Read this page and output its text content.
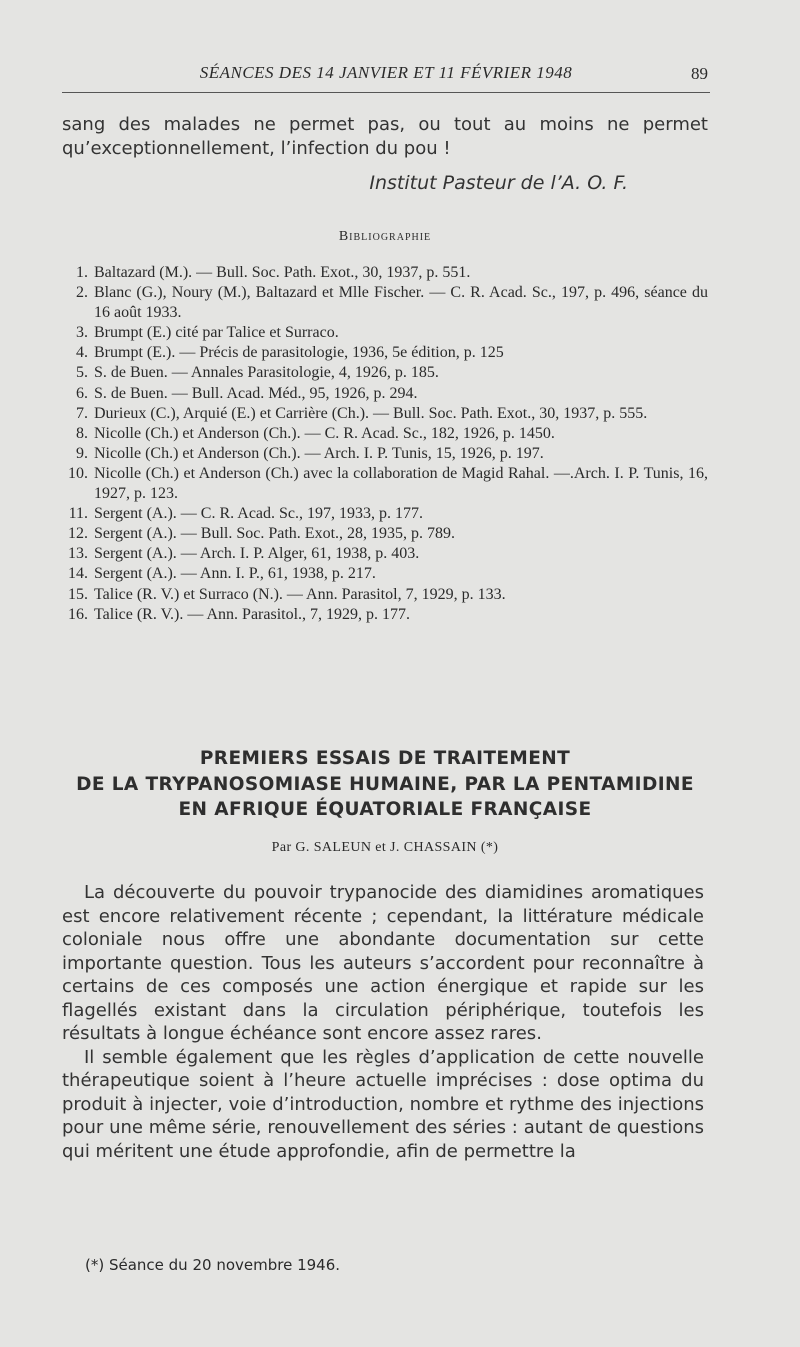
SÉANCES DES 14 JANVIER ET 11 FÉVRIER 1948	89
sang des malades ne permet pas, ou tout au moins ne permet qu’exceptionnellement, l’infection du pou !
Institut Pasteur de l’A. O. F.
Bibliographie
1. Baltazard (M.). — Bull. Soc. Path. Exot., 30, 1937, p. 551.
2. Blanc (G.), Noury (M.), Baltazard et Mlle Fischer. — C. R. Acad. Sc., 197, p. 496, séance du 16 août 1933.
3. Brumpt (E.) cité par Talice et Surraco.
4. Brumpt (E.). — Précis de parasitologie, 1936, 5e édition, p. 125
5. S. de Buen. — Annales Parasitologie, 4, 1926, p. 185.
6. S. de Buen. — Bull. Acad. Méd., 95, 1926, p. 294.
7. Durieux (C.), Arquié (E.) et Carrière (Ch.). — Bull. Soc. Path. Exot., 30, 1937, p. 555.
8. Nicolle (Ch.) et Anderson (Ch.). — C. R. Acad. Sc., 182, 1926, p. 1450.
9. Nicolle (Ch.) et Anderson (Ch.). — Arch. I. P. Tunis, 15, 1926, p. 197.
10. Nicolle (Ch.) et Anderson (Ch.) avec la collaboration de Magid Rahal. —.Arch. I. P. Tunis, 16, 1927, p. 123.
11. Sergent (A.). — C. R. Acad. Sc., 197, 1933, p. 177.
12. Sergent (A.). — Bull. Soc. Path. Exot., 28, 1935, p. 789.
13. Sergent (A.). — Arch. I. P. Alger, 61, 1938, p. 403.
14. Sergent (A.). — Ann. I. P., 61, 1938, p. 217.
15. Talice (R. V.) et Surraco (N.). — Ann. Parasitol, 7, 1929, p. 133.
16. Talice (R. V.). — Ann. Parasitol., 7, 1929, p. 177.
PREMIERS ESSAIS DE TRAITEMENT
DE LA TRYPANOSOMIASE HUMAINE, PAR LA PENTAMIDINE
EN AFRIQUE ÉQUATORIALE FRANÇAISE
Par G. SALEUN et J. CHASSAIN (*)

La découverte du pouvoir trypanocide des diamidines aromatiques est encore relativement récente ; cependant, la littérature médicale coloniale nous offre une abondante documentation sur cette importante question. Tous les auteurs s’accordent pour reconnaître à certains de ces composés une action énergique et rapide sur les flagellés existant dans la circulation périphérique, toutefois les résultats à longue échéance sont encore assez rares.

Il semble également que les règles d’application de cette nouvelle thérapeutique soient à l’heure actuelle imprécises : dose optima du produit à injecter, voie d’introduction, nombre et rythme des injections pour une même série, renouvellement des séries : autant de questions qui méritent une étude approfondie, afin de permettre la

(*) Séance du 20 novembre 1946.
